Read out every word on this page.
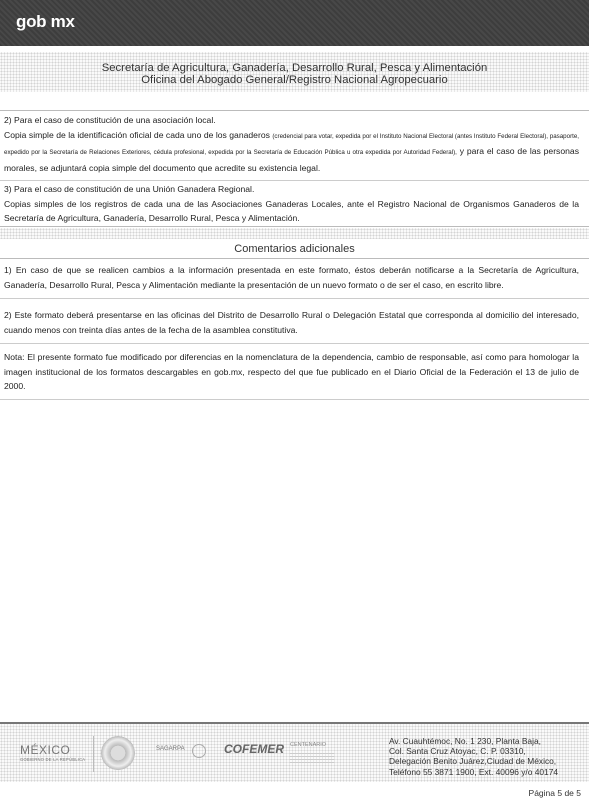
gob mx
Secretaría de Agricultura, Ganadería, Desarrollo Rural, Pesca y Alimentación
Oficina del Abogado General/Registro Nacional Agropecuario

2) Para el caso de constitución de una asociación local.

Copia simple de la identificación oficial de cada uno de los ganaderos (credencial para votar, expedida por el Instituto Nacional Electoral (antes Instituto Federal Electoral), pasaporte, expedido por la Secretaría de Relaciones Exteriores, cédula profesional, expedida por la Secretaría de Educación Pública u otra expedida por Autoridad Federal), y para el caso de las personas morales, se adjuntará copia simple del documento que acredite su existencia legal.

3) Para el caso de constitución de una Unión Ganadera Regional.

Copias simples de los registros de cada una de las Asociaciones Ganaderas Locales, ante el Registro Nacional de Organismos Ganaderos de la Secretaría de Agricultura, Ganadería, Desarrollo Rural, Pesca y Alimentación.

Comentarios adicionales
1) En caso de que se realicen cambios a la información presentada en este formato, éstos deberán notificarse a la Secretaría de Agricultura, Ganadería, Desarrollo Rural, Pesca y Alimentación mediante la presentación de un nuevo formato o de ser el caso, en escrito libre.
2) Este formato deberá presentarse en las oficinas del Distrito de Desarrollo Rural o Delegación Estatal que corresponda al domicilio del interesado, cuando menos con treinta días antes de la fecha de la asamblea constitutiva.
Nota: El presente formato fue modificado por diferencias en la nomenclatura de la dependencia, cambio de responsable, así como para homologar la imagen institucional de los formatos descargables en gob.mx, respecto del que fue publicado en el Diario Oficial de la Federación el 13 de julio de 2000.
MÉXICO
GOBIERNO DE LA REPÚBLICA
SAGARPA	COFEMER CENTENARIO	Av. Cuauhtémoc, No. 1 230, Planta Baja,
Col. Santa Cruz Atoyac, C. P. 03310,
Delegación Benito Juárez,Ciudad de México,
Teléfono 55 3871 1900, Ext. 40096 y/o 40174
Página 5 de 5
